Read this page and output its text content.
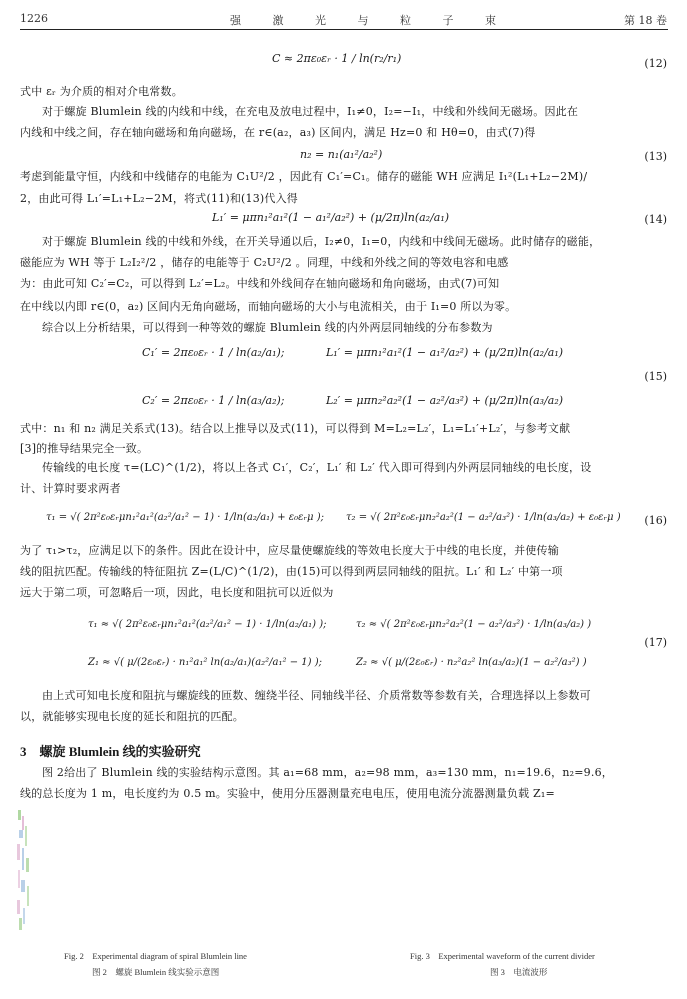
1226	强 激 光 与 粒 子 束	第 18 卷
C ≈ 2πε₀εᵣ · 1 / ln(r₂/r₁)	(12)
式中 εᵣ 为介质的相对介电常数。
对于螺旋 Blumlein 线的内线和中线，在充电及放电过程中，I₁≠0，I₂=−I₁，中线和外线间无磁场。因此在
内线和中线之间，存在轴向磁场和角向磁场，在 r∈(a₂，a₃) 区间内，满足 Hz=0 和 Hθ=0，由式(7)得
n₂ = n₁(a₁²/a₂²)	(13)
考虑到能量守恒，内线和中线储存的电能为 C₁U²/2 ，因此有 C₁′=C₁。储存的磁能 WH 应满足 I₁²(L₁+L₂−2M)/
2，由此可得 L₁′=L₁+L₂−2M，将式(11)和(13)代入得
L₁′ = μπn₁²a₁²(1 − a₁²/a₂²) + (μ/2π)ln(a₂/a₁)	(14)
对于螺旋 Blumlein 线的中线和外线，在开关导通以后，I₂≠0，I₁=0，内线和中线间无磁场。此时储存的磁能，
磁能应为 WH 等于 L₂I₂²/2 ，储存的电能等于 C₂U²/2 。同理，中线和外线之间的等效电容和电感
为：由此可知 C₂′=C₂，可以得到 L₂′=L₂。中线和外线间存在轴向磁场和角向磁场，由式(7)可知
在中线以内即 r∈(0，a₂) 区间内无角向磁场，而轴向磁场的大小与电流相关，由于 I₁=0 所以为零。
综合以上分析结果，可以得到一种等效的螺旋 Blumlein 线的内外两层同轴线的分布参数为
C₁′ = 2πε₀εᵣ · 1 / ln(a₂/a₁);	L₁′ = μπn₁²a₁²(1 − a₁²/a₂²) + (μ/2π)ln(a₂/a₁)
C₂′ = 2πε₀εᵣ · 1 / ln(a₃/a₂);	L₂′ = μπn₂²a₂²(1 − a₂²/a₃²) + (μ/2π)ln(a₃/a₂)
(15)
式中：n₁ 和 n₂ 满足关系式(13)。结合以上推导以及式(11)，可以得到 M=L₂=L₂′，L₁=L₁′+L₂′，与参考文献
[3]的推导结果完全一致。
传输线的电长度 τ=(LC)^(1/2)，将以上各式 C₁′，C₂′，L₁′ 和 L₂′ 代入即可得到内外两层同轴线的电长度，设
计、计算时要求两者
τ₁ = √( 2π²ε₀εᵣμn₁²a₁²(a₂²/a₁² − 1) · 1/ln(a₂/a₁) + ε₀εᵣμ ); τ₂ = √( 2π²ε₀εᵣμn₂²a₂²(1 − a₂²/a₃²) · 1/ln(a₃/a₂) + ε₀εᵣμ ) (16)
为了 τ₁>τ₂，应满足以下的条件。因此在设计中，应尽量使螺旋线的等效电长度大于中线的电长度，并使传输
线的阻抗匹配。传输线的特征阻抗 Z=(L/C)^(1/2)，由(15)可以得到两层同轴线的阻抗。L₁′ 和 L₂′ 中第一项
远大于第二项，可忽略后一项，因此，电长度和阻抗可以近似为
τ₁ ≈ √( 2π²ε₀εᵣμn₁²a₁²(a₂²/a₁² − 1) · 1/ln(a₂/a₁) );	τ₂ ≈ √( 2π²ε₀εᵣμn₂²a₂²(1 − a₂²/a₃²) · 1/ln(a₃/a₂) )
Z₁ ≈ √( μ/(2ε₀εᵣ) · n₁²a₁² ln(a₂/a₁)(a₂²/a₁² − 1) );	Z₂ ≈ √( μ/(2ε₀εᵣ) · n₂²a₂² ln(a₃/a₂)(1 − a₂²/a₃²) )
(17)
由上式可知电长度和阻抗与螺旋线的匝数、缠绕半径、同轴线半径、介质常数等参数有关，合理选择以上参数可
以，就能够实现电长度的延长和阻抗的匹配。
3　螺旋 Blumlein 线的实验研究
图 2给出了 Blumlein 线的实验结构示意图。其 a₁=68 mm，a₂=98 mm，a₃=130 mm，n₁=19.6，n₂=9.6，
线的总长度为 1 m，电长度约为 0.5 m。实验中，使用分压器测量充电电压，使用电流分流器测量负载 Z₁=
Fig. 2　Experimental diagram of spiral Blumlein line
图 2　螺旋 Blumlein 线实验示意图
Fig. 3　Experimental waveform of the current divider
图 3　电流波形
